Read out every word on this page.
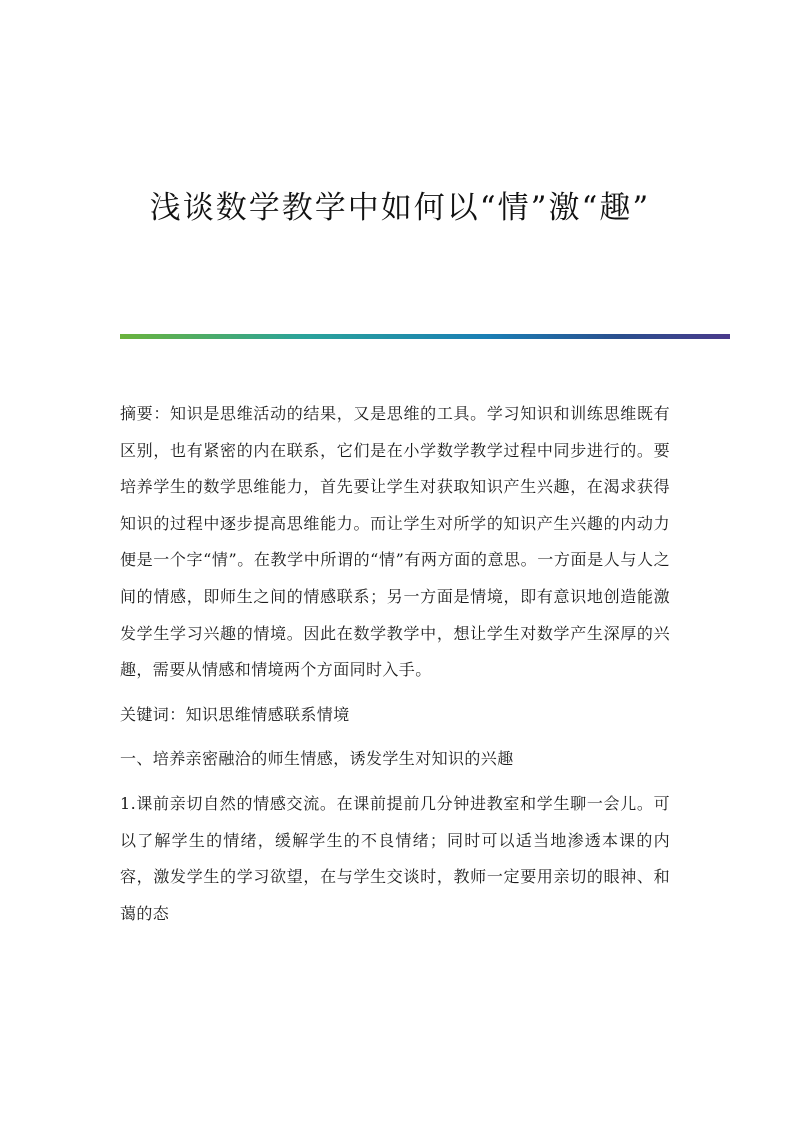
浅谈数学教学中如何以“情”激“趣”

摘要：知识是思维活动的结果，又是思维的工具。学习知识和训练思维既有区别，也有紧密的内在联系，它们是在小学数学教学过程中同步进行的。要培养学生的数学思维能力，首先要让学生对获取知识产生兴趣，在渴求获得知识的过程中逐步提高思维能力。而让学生对所学的知识产生兴趣的内动力便是一个字“情”。在教学中所谓的“情”有两方面的意思。一方面是人与人之间的情感，即师生之间的情感联系；另一方面是情境，即有意识地创造能激发学生学习兴趣的情境。因此在数学教学中，想让学生对数学产生深厚的兴趣，需要从情感和情境两个方面同时入手。

关键词：知识思维情感联系情境

一、培养亲密融洽的师生情感，诱发学生对知识的兴趣

1.课前亲切自然的情感交流。在课前提前几分钟进教室和学生聊一会儿。可以了解学生的情绪，缓解学生的不良情绪；同时可以适当地渗透本课的内容，激发学生的学习欲望，在与学生交谈时，教师一定要用亲切的眼神、和蔼的态
